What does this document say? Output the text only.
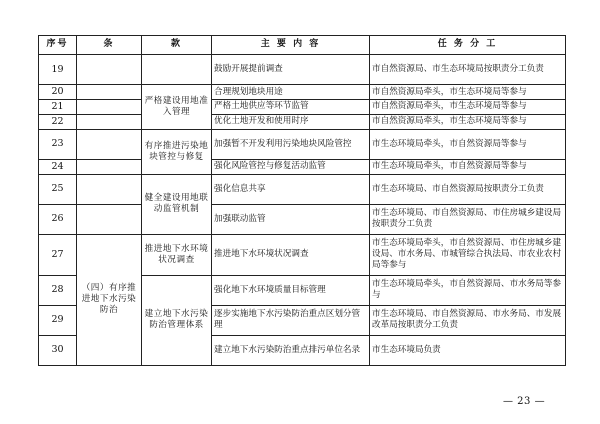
序号	条	款	主 要 内 容	任 务 分 工
19			鼓励开展提前调查	市自然资源局、市生态环境局按职责分工负责
20		严格建设用地准入管理	合理规划地块用途	市自然资源局牵头，市生态环境局等参与
21			严格土地供应等环节监管	市自然资源局牵头，市生态环境局等参与
22			优化土地开发和使用时序	市自然资源局牵头，市生态环境局等参与
23		有序推进污染地块管控与修复	加强暂不开发利用污染地块风险管控	市生态环境局牵头，市自然资源局等参与
24			强化风险管控与修复活动监管	市生态环境局牵头，市自然资源局等参与
25		健全建设用地联动监管机制	强化信息共享	市生态环境局、市自然资源局按职责分工负责
26			加强联动监管	市生态环境局、市自然资源局、市住房城乡建设局按职责分工负责
27	（四）有序推进地下水污染防治	推进地下水环境状况调查	推进地下水环境状况调查	市生态环境局牵头，市自然资源局、市住房城乡建设局、市水务局、市城管综合执法局、市农业农村局等参与
28		建立地下水污染防治管理体系	强化地下水环境质量目标管理	市生态环境局牵头，市自然资源局、市水务局等参与
29			逐步实施地下水污染防治重点区划分管理	市生态环境局、市自然资源局、市水务局、市发展改革局按职责分工负责
30			建立地下水污染防治重点排污单位名录	市生态环境局负责
— 23 —
